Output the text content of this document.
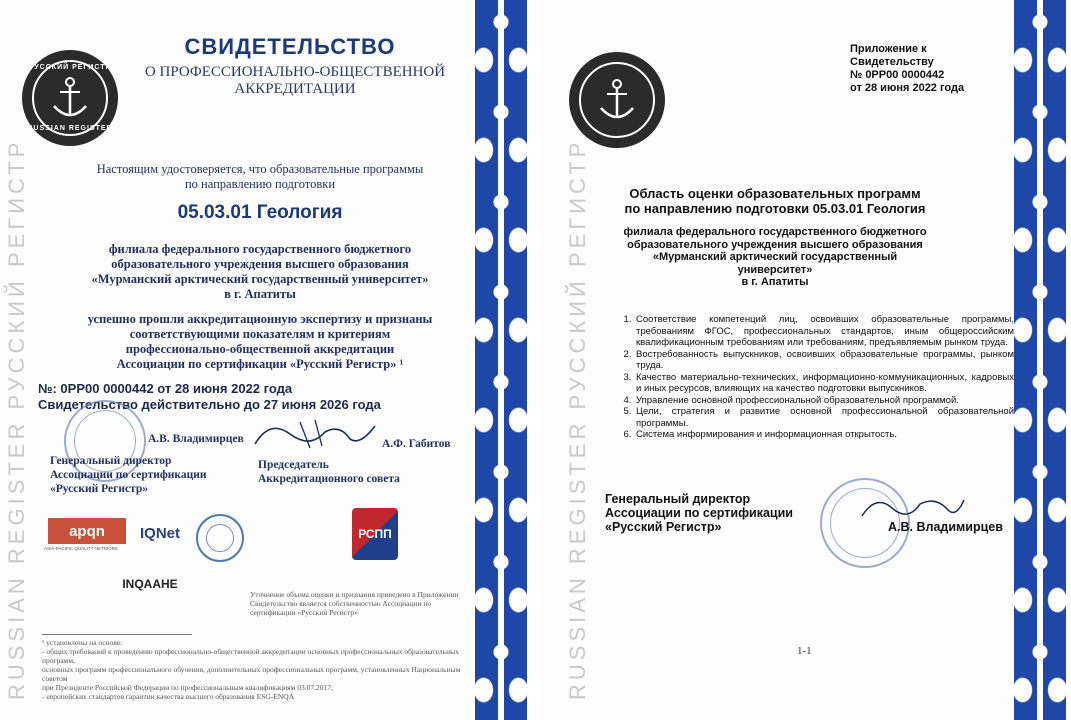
RUSSIAN REGISTER РУССКИЙ РЕГИСТР
РУССКИЙ РЕГИСТР
RUSSIAN REGISTER
СВИДЕТЕЛЬСТВО
О ПРОФЕССИОНАЛЬНО-ОБЩЕСТВЕННОЙ АККРЕДИТАЦИИ
Настоящим удостоверяется, что образовательные программы
по направлению подготовки
05.03.01 Геология
филиала федерального государственного бюджетного
образовательного учреждения высшего образования
«Мурманский арктический государственный университет»
в г. Апатиты
успешно прошли аккредитационную экспертизу и признаны
соответствующими показателям и критериям
профессионально-общественной аккредитации
Ассоциации по сертификации «Русский Регистр» ¹
№: 0РР00 0000442 от 28 июня 2022 года
Свидетельство действительно до 27 июня 2026 года
А.В. Владимирцев	А.Ф. Габитов
Генеральный директор
Ассоциации по сертификации
«Русский Регистр»
Председатель
Аккредитационного совета
apqn
ASIA-PACIFIC QUALITY NETWORK
IQNet	РСПП
INQAAHE
Уточнение объема оценки и признания приведено в Приложении
Свидетельство является собственностью Ассоциации по сертификации «Русский Регистр»
¹ установлены на основе:
- общих требований к проведению профессионально-общественной аккредитации основных профессиональных образовательных программ,
основных программ профессионального обучения, дополнительных профессиональных программ, установленных Национальным советом
при Президенте Российской Федерации по профессиональным квалификациям 03.07.2017;
- европейских стандартов гарантии качества высшего образования ESG-ENQA	RUSSIAN REGISTER РУССКИЙ РЕГИСТР
Приложение к
Свидетельству
№ 0РР00 0000442
от 28 июня 2022 года
Область оценки образовательных программ
по направлению подготовки 05.03.01 Геология
филиала федерального государственного бюджетного
образовательного учреждения высшего образования
«Мурманский арктический государственный университет»
в г. Апатиты
1. Соответствие компетенций лиц, освоивших образовательные программы, требованиям ФГОС, профессиональных стандартов, иным общероссийским квалификационным требованиям или требованиям, предъявляемым рынком труда.
2. Востребованность выпускников, освоивших образовательные программы, рынком труда.
3. Качество материально-технических, информационно-коммуникационных, кадровых и иных ресурсов, влияющих на качество подготовки выпускников.
4. Управление основной профессиональной образовательной программой.
5. Цели, стратегия и развитие основной профессиональной образовательной программы.
6. Система информирования и информационная открытость.
Генеральный директор
Ассоциации по сертификации
«Русский Регистр»	А.В. Владимирцев
1-1
